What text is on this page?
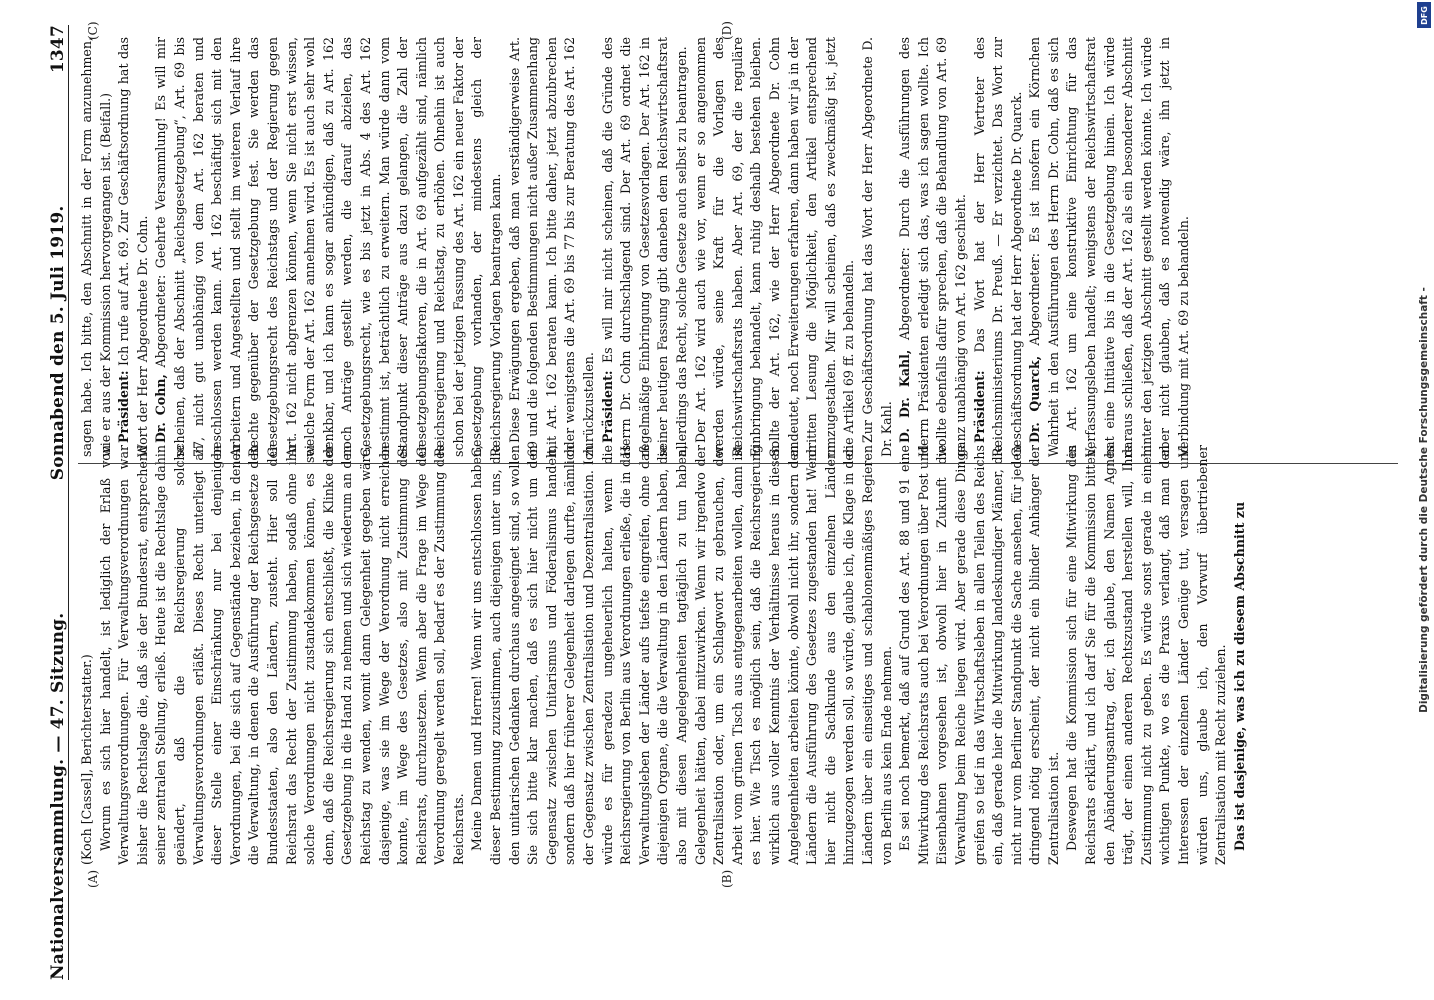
Nationalversammlung. — 47. Sitzung.
Sonnabend den 5. Juli 1919.
1347
(A)	(B)
(C)	(D)

(Koch [Cassel], Berichterstatter.) Worum es sich hier handelt, ist lediglich der Erlaß von Verwaltungsverordnungen. Für Verwaltungsverordnungen war bisher die Rechtslage die, daß sie der Bundesrat, entsprechend seiner zentralen Stellung, erließ. Heute ist die Rechtslage dahin geändert, daß die Reichsregierung solche Verwaltungsverordnungen erläßt. Dieses Recht unterliegt an dieser Stelle einer Einschränkung nur bei denjenigen Verordnungen, bei die sich auf Gegenstände beziehen, in denen die Verwaltung, in denen die Ausführung der Reichsgesetze den Bundesstaaten, also den Ländern, zusteht. Hier soll der Reichsrat das Recht der Zustimmung haben, sodaß ohne ihn solche Verordnungen nicht zustandekommen können, es sei denn, daß die Reichsregierung sich entschließt, die Klinke der Gesetzgebung in die Hand zu nehmen und sich wiederum an den Reichstag zu wenden, womit dann Gelegenheit gegeben wäre, dasjenige, was sie im Wege der Verordnung nicht erreichen konnte, im Wege des Gesetzes, also mit Zustimmung des Reichsrats, durchzusetzen. Wenn aber die Frage im Wege der Verordnung geregelt werden soll, bedarf es der Zustimmung des Reichsrats. Meine Damen und Herren! Wenn wir uns entschlossen haben, dieser Bestimmung zuzustimmen, auch diejenigen unter uns, die den unitarischen Gedanken durchaus angeeignet sind, so wollen Sie sich bitte klar machen, daß es sich hier nicht um den Gegensatz zwischen Unitarismus und Föderalismus handelt, sondern daß hier früherer Gelegenheit darlegen durfte, nämlich der Gegensatz zwischen Zentralisation und Dezentralisation. Ich würde es für geradezu ungeheuerlich halten, wenn die Reichsregierung von Berlin aus Verordnungen erließe, die in das Verwaltungsleben der Länder aufs tiefste eingreifen, ohne daß diejenigen Organe, die die Verwaltung in den Ländern haben, die also mit diesen Angelegenheiten tagtäglich zu tun haben, Gelegenheit hätten, dabei mitzuwirken. Wenn wir irgendwo der Zentralisation oder, um ein Schlagwort zu gebrauchen, der Arbeit vom grünen Tisch aus entgegenarbeiten wollen, dann ist es hier. Wie Tisch es möglich sein, daß die Reichsregierung wirklich aus voller Kenntnis der Verhältnisse heraus in diesen Angelegenheiten arbeiten könnte, obwohl nicht ihr, sondern den Ländern die Ausführung des Gesetzes zugestanden hat! Wenn hier nicht die Sachkunde aus den einzelnen Ländern hinzugezogen werden soll, so würde, glaube ich, die Klage in den Ländern über ein einseitiges und schablonenmäßiges Regieren von Berlin aus kein Ende nehmen. Es sei noch bemerkt, daß auf Grund des Art. 88 und 91 eine Mitwirkung des Reichsrats auch bei Verordnungen über Post und Eisenbahnen vorgesehen ist, obwohl hier in Zukunft die Verwaltung beim Reiche liegen wird. Aber gerade diese Dinge greifen so tief in das Wirtschaftsleben in allen Teilen des Reichs ein, daß gerade hier die Mitwirkung landeskundiger Männer, die nicht nur vom Berliner Standpunkt die Sache ansehen, für jeden dringend nötig erscheint, der nicht ein blinder Anhänger der Zentralisation ist. Deswegen hat die Kommission sich für eine Mitwirkung des Reichsrats erklärt, und ich darf Sie für die Kommission bitten, den Abänderungsantrag, der, ich glaube, den Namen Agnes trägt, der einen anderen Rechtszustand herstellen will, Ihre Zustimmung nicht zu geben. Es würde sonst gerade in einem wichtigen Punkte, wo es die Praxis verlangt, daß man den Interessen der einzelnen Länder Genüge tut, versagen und würden uns, glaube ich, den Vorwurf übertriebener Zentralisation mit Recht zuziehen. Das ist dasjenige, was ich zu diesem Abschnitt zu

sagen habe. Ich bitte, den Abschnitt in der Form anzunehmen, wie er aus der Kommission hervorgegangen ist. (Beifall.) Präsident: Ich rufe auf Art. 69. Zur Geschäftsordnung hat das Wort der Herr Abgeordnete Dr. Cohn. Dr. Cohn, Abgeordneter: Geehrte Versammlung! Es will mir scheinen, daß der Abschnitt „Reichsgesetzgebung“, Art. 69 bis 77, nicht gut unabhängig von dem Art. 162 beraten und beschlossen werden kann. Art. 162 beschäftigt sich mit den Arbeitern und Angestellten und stellt im weiteren Verlauf ihre Rechte gegenüber der Gesetzgebung fest. Sie werden das Gesetzgebungsrecht des Reichstags und der Regierung gegen Art. 162 nicht abgrenzen können, wenn Sie nicht erst wissen, welche Form der Art. 162 annehmen wird. Es ist auch sehr wohl denkbar, und ich kann es sogar ankündigen, daß zu Art. 162 noch Anträge gestellt werden, die darauf abzielen, das Gesetzgebungsrecht, wie es bis jetzt in Abs. 4 des Art. 162 bestimmt ist, beträchtlich zu erweitern. Man würde dann vom Standpunkt dieser Anträge aus dazu gelangen, die Zahl der Gesetzgebungsfaktoren, die in Art. 69 aufgezählt sind, nämlich Reichsregierung und Reichstag, zu erhöhen. Ohnehin ist auch schon bei der jetzigen Fassung des Art. 162 ein neuer Faktor der Gesetzgebung vorhanden, der mindestens gleich der Reichsregierung Vorlagen beantragen kann. Diese Erwägungen ergeben, daß man verständigerweise Art. 69 und die folgenden Bestimmungen nicht außer Zusammenhang mit Art. 162 beraten kann. Ich bitte daher, jetzt abzubrechen oder wenigstens die Art. 69 bis 77 bis zur Beratung des Art. 162 zurückzustellen. Präsident: Es will mir nicht scheinen, daß die Gründe des Herrn Dr. Cohn durchschlagend sind. Der Art. 69 ordnet die regelmäßige Einbringung von Gesetzesvorlagen. Der Art. 162 in seiner heutigen Fassung gibt daneben dem Reichswirtschaftsrat allerdings das Recht, solche Gesetze auch selbst zu beantragen. Der Art. 162 wird auch wie vor, wenn er so angenommen werden würde, seine Kraft für die Vorlagen des Reichswirtschaftsrats haben. Aber Art. 69, der die reguläre Einbringung behandelt, kann ruhig deshalb bestehen bleiben. Sollte der Art. 162, wie der Herr Abgeordnete Dr. Cohn andeutet, noch Erweiterungen erfahren, dann haben wir ja in der dritten Lesung die Möglichkeit, den Artikel entsprechend umzugestalten. Mir will scheinen, daß es zweckmäßig ist, jetzt die Artikel 69 ff. zu behandeln. Zur Geschäftsordnung hat das Wort der Herr Abgeordnete D. Dr. Kahl. D. Dr. Kahl, Abgeordneter: Durch die Ausführungen des Herrn Präsidenten erledigt sich das, was ich sagen wollte. Ich wollte ebenfalls dafür sprechen, daß die Behandlung von Art. 69 ganz unabhängig von Art. 162 geschieht. Präsident: Das Wort hat der Herr Vertreter des Reichsministeriums Dr. Preuß. — Er verzichtet. Das Wort zur Geschäftsordnung hat der Herr Abgeordnete Dr. Quarck. Dr. Quarck, Abgeordneter: Es ist insofern ein Körnchen Wahrheit in den Ausführungen des Herrn Dr. Cohn, daß es sich in Art. 162 um eine konstruktive Einrichtung für das Verfassungsleben handelt; wenigstens der Reichswirtschaftsrat hat eine Initiative bis in die Gesetzgebung hinein. Ich würde daraus schließen, daß der Art. 162 als ein besonderer Abschnitt hinter den jetzigen Abschnitt gestellt werden könnte. Ich würde aber nicht glauben, daß es notwendig wäre, ihn jetzt in Verbindung mit Art. 69 zu behandeln.

DFG
Digitalisierung gefördert durch die Deutsche Forschungsgemeinschaft -
